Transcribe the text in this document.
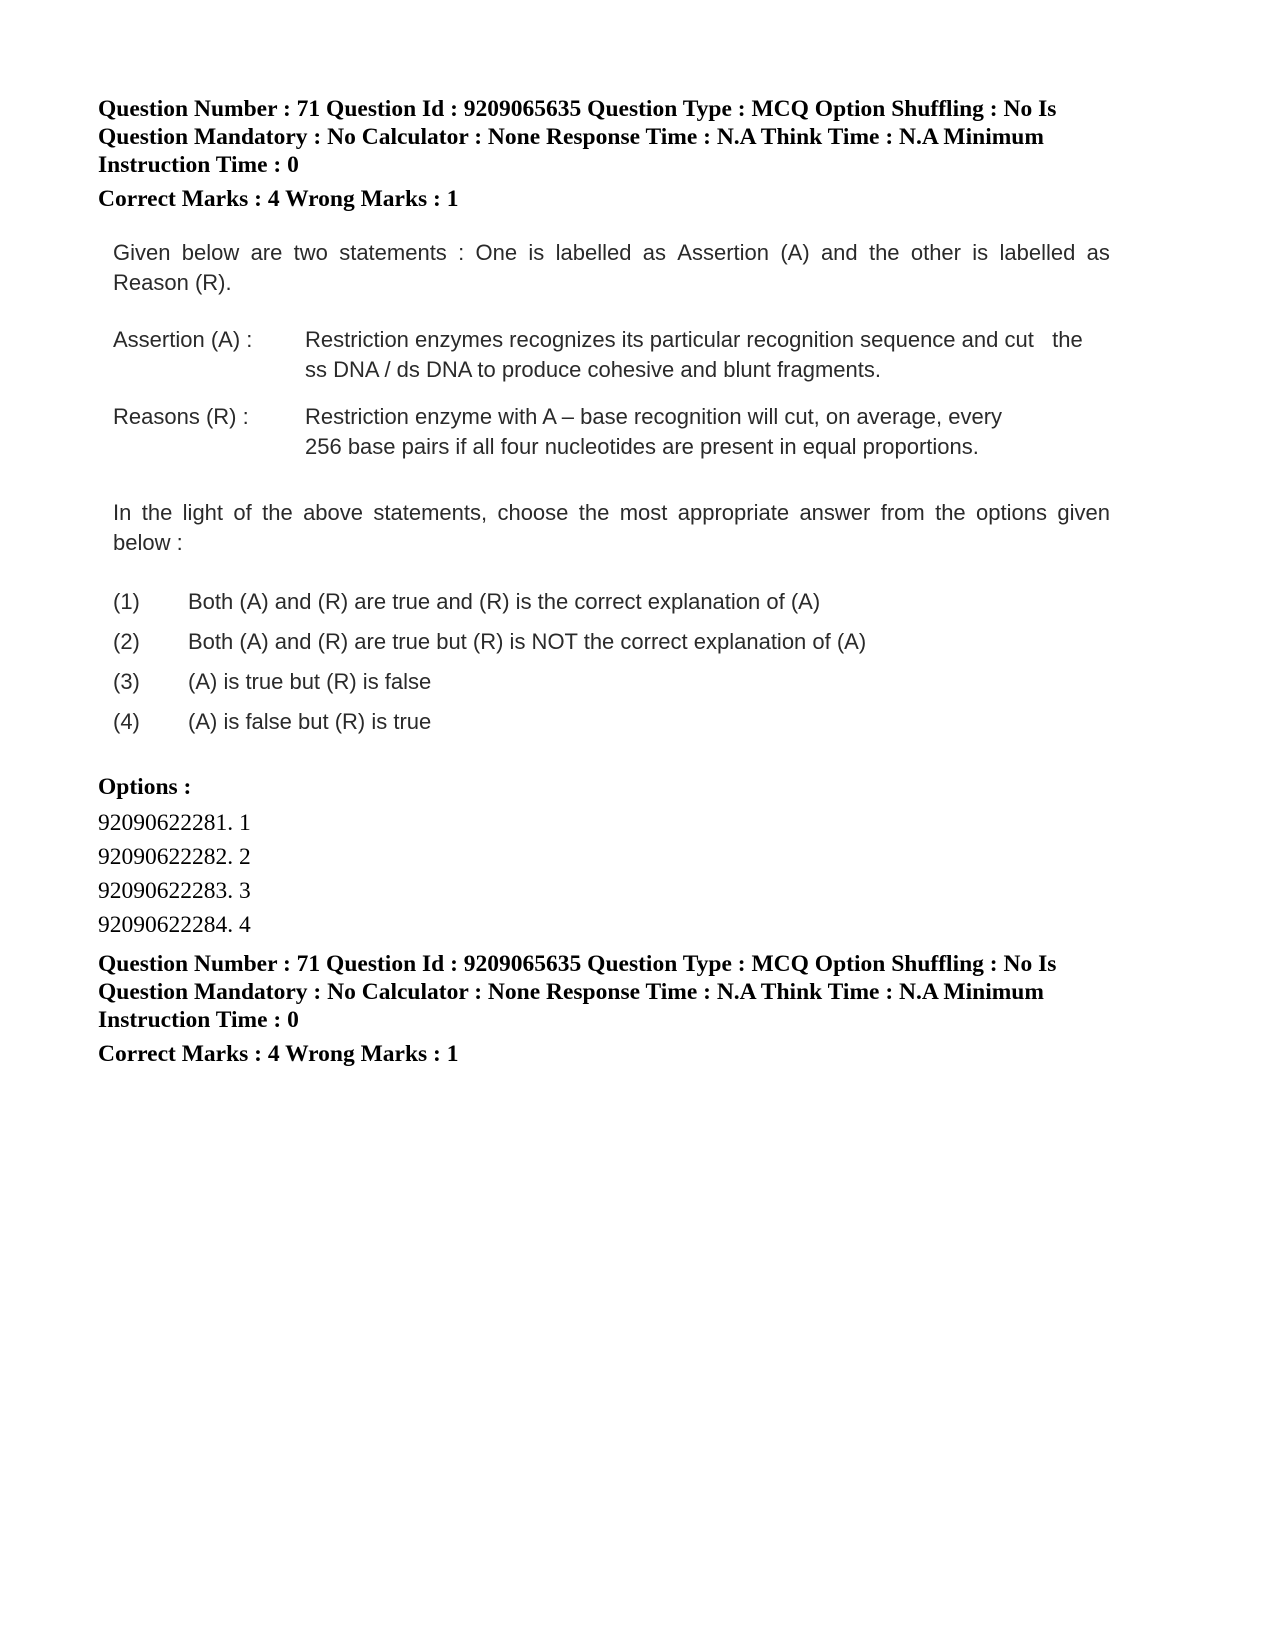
Question Number : 71 Question Id : 9209065635 Question Type : MCQ Option Shuffling : No Is
Question Mandatory : No Calculator : None Response Time : N.A Think Time : N.A Minimum
Instruction Time : 0
Correct Marks : 4 Wrong Marks : 1
Given below are two statements : One is labelled as Assertion (A) and the other is labelled as
Reason (R).
Assertion (A) : Restriction enzymes recognizes its particular recognition sequence and cut   the
ss DNA / ds DNA to produce cohesive and blunt fragments.
Reasons (R) :	Restriction enzyme with A – base recognition will cut, on average, every
256 base pairs if all four nucleotides are present in equal proportions.
In the light of the above statements, choose the most appropriate answer from the options given
below :
(1) Both (A) and (R) are true and (R) is the correct explanation of (A)
(2) Both (A) and (R) are true but (R) is NOT the correct explanation of (A)
(3) (A) is true but (R) is false
(4) (A) is false but (R) is true
Options :
92090622281. 1
92090622282. 2
92090622283. 3
92090622284. 4
Question Number : 71 Question Id : 9209065635 Question Type : MCQ Option Shuffling : No Is
Question Mandatory : No Calculator : None Response Time : N.A Think Time : N.A Minimum
Instruction Time : 0
Correct Marks : 4 Wrong Marks : 1
